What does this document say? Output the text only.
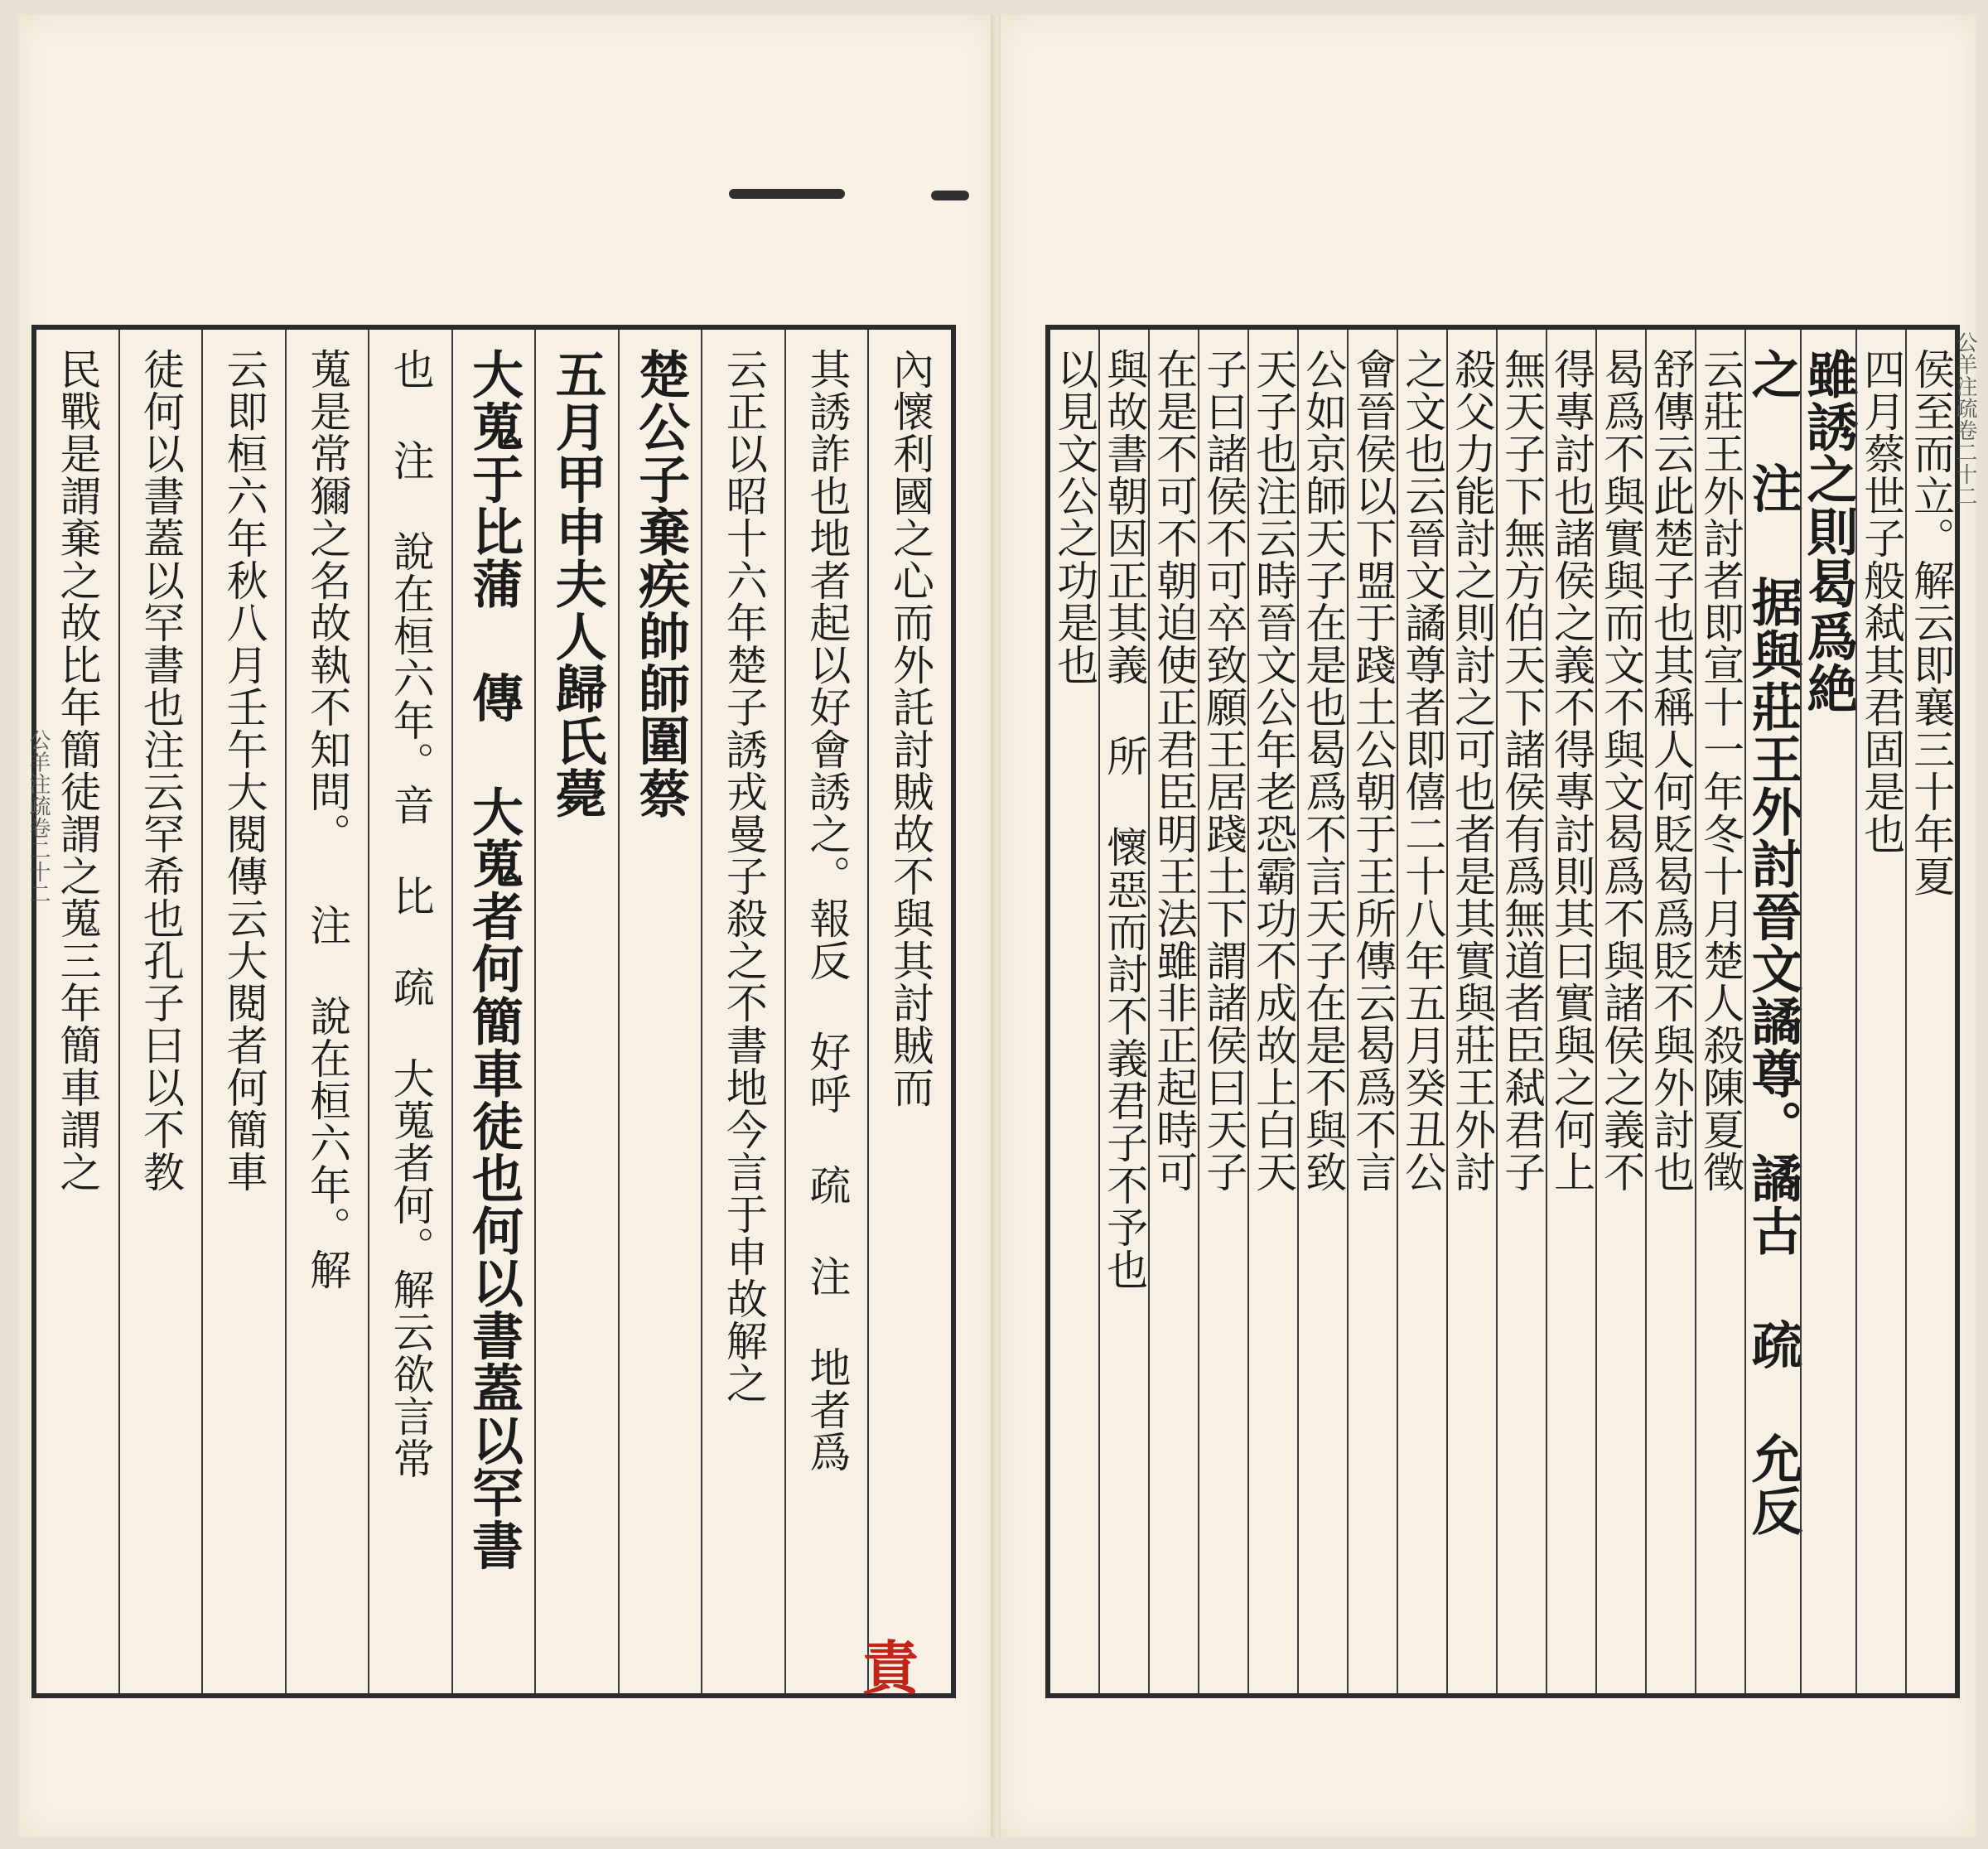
內懷利國之心而外託討賊故不與其討賊而
其誘詐也地者起以好會誘之。報反 好呼 疏 注 地者爲
云正以昭十六年楚子誘戎曼子殺之不書地今言于申故解之
楚公子棄疾帥師圍蔡
五月甲申夫人歸氏薨
大蒐于比蒲 傳 大蒐者何簡車徒也何以書蓋以罕書
也 注 說在桓六年。音 比 疏 大蒐者何。解云欲言常
蒐是常獮之名故執不知問。 注 說在桓六年。解
云即桓六年秋八月壬午大閱傳云大閱者何簡車
徒何以書蓋以罕書也注云罕希也孔子曰以不教
民戰是謂棄之故比年簡徒謂之蒐三年簡車謂之	侯至而立。解云即襄三十年夏
四月蔡世子般弒其君固是也
雖誘之則曷爲絶
之 注 据與莊王外討晉文譎尊。譎古 疏 允反
云莊王外討者即宣十一年冬十月楚人殺陳夏徵
舒傳云此楚子也其稱人何貶曷爲貶不與外討也
曷爲不與實與而文不與文曷爲不與諸侯之義不
得專討也諸侯之義不得專討則其曰實與之何上
無天子下無方伯天下諸侯有爲無道者臣弒君子
殺父力能討之則討之可也者是其實與莊王外討
之文也云晉文譎尊者即僖二十八年五月癸丑公
會晉侯以下盟于踐土公朝于王所傳云曷爲不言
公如京師天子在是也曷爲不言天子在是不與致
天子也注云時晉文公年老恐霸功不成故上白天
子曰諸侯不可卒致願王居踐土下謂諸侯曰天子
在是不可不朝迫使正君臣明王法雖非正起時可
與故書朝因正其義 所 懷惡而討不義君子不予也
以見文公之功是也
公羊注疏卷二十二
公羊注疏卷二十二
責
